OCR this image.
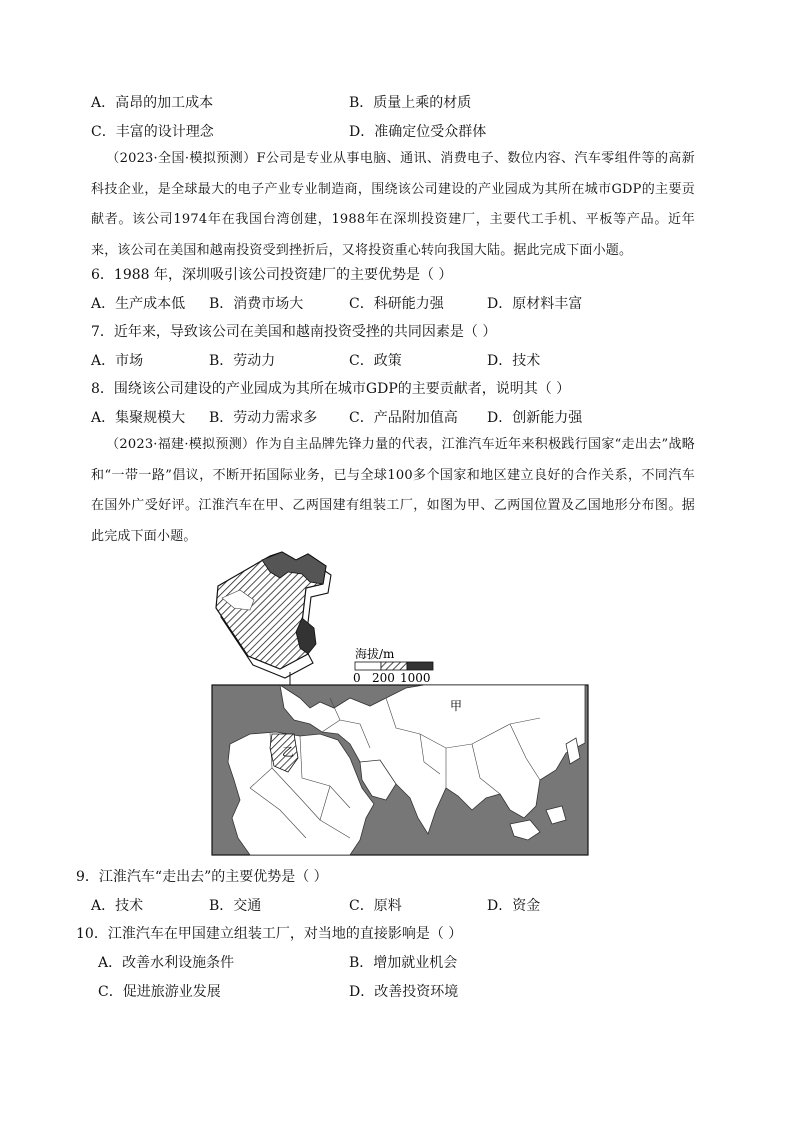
A．高昂的加工成本	B．质量上乘的材质
C．丰富的设计理念	D．准确定位受众群体
（2023·全国·模拟预测）F公司是专业从事电脑、通讯、消费电子、数位内容、汽车零组件等的高新科技企业，是全球最大的电子产业专业制造商，围绕该公司建设的产业园成为其所在城市GDP的主要贡献者。该公司1974年在我国台湾创建，1988年在深圳投资建厂，主要代工手机、平板等产品。近年来，该公司在美国和越南投资受到挫折后，又将投资重心转向我国大陆。据此完成下面小题。
6．1988 年，深圳吸引该公司投资建厂的主要优势是（ ）
A．生产成本低 B．消费市场大	C．科研能力强	D．原材料丰富
7．近年来，导致该公司在美国和越南投资受挫的共同因素是（ ）
A．市场	B．劳动力	C．政策	D．技术
8．围绕该公司建设的产业园成为其所在城市GDP的主要贡献者，说明其（ ）
A．集聚规模大 B．劳动力需求多 C．产品附加值高 D．创新能力强
（2023·福建·模拟预测）作为自主品牌先锋力量的代表，江淮汽车近年来积极践行国家“走出去”战略和“一带一路”倡议，不断开拓国际业务，已与全球100多个国家和地区建立良好的合作关系，不同汽车在国外广受好评。江淮汽车在甲、乙两国建有组装工厂，如图为甲、乙两国位置及乙国地形分布图。据此完成下面小题。
海拔/m
0 200 1000
甲
乙
9．江淮汽车“走出去”的主要优势是（ ）
A．技术	B．交通	C．原料	D．资金
10．江淮汽车在甲国建立组装工厂，对当地的直接影响是（ ）
A．改善水利设施条件	B．增加就业机会
C．促进旅游业发展	D．改善投资环境
